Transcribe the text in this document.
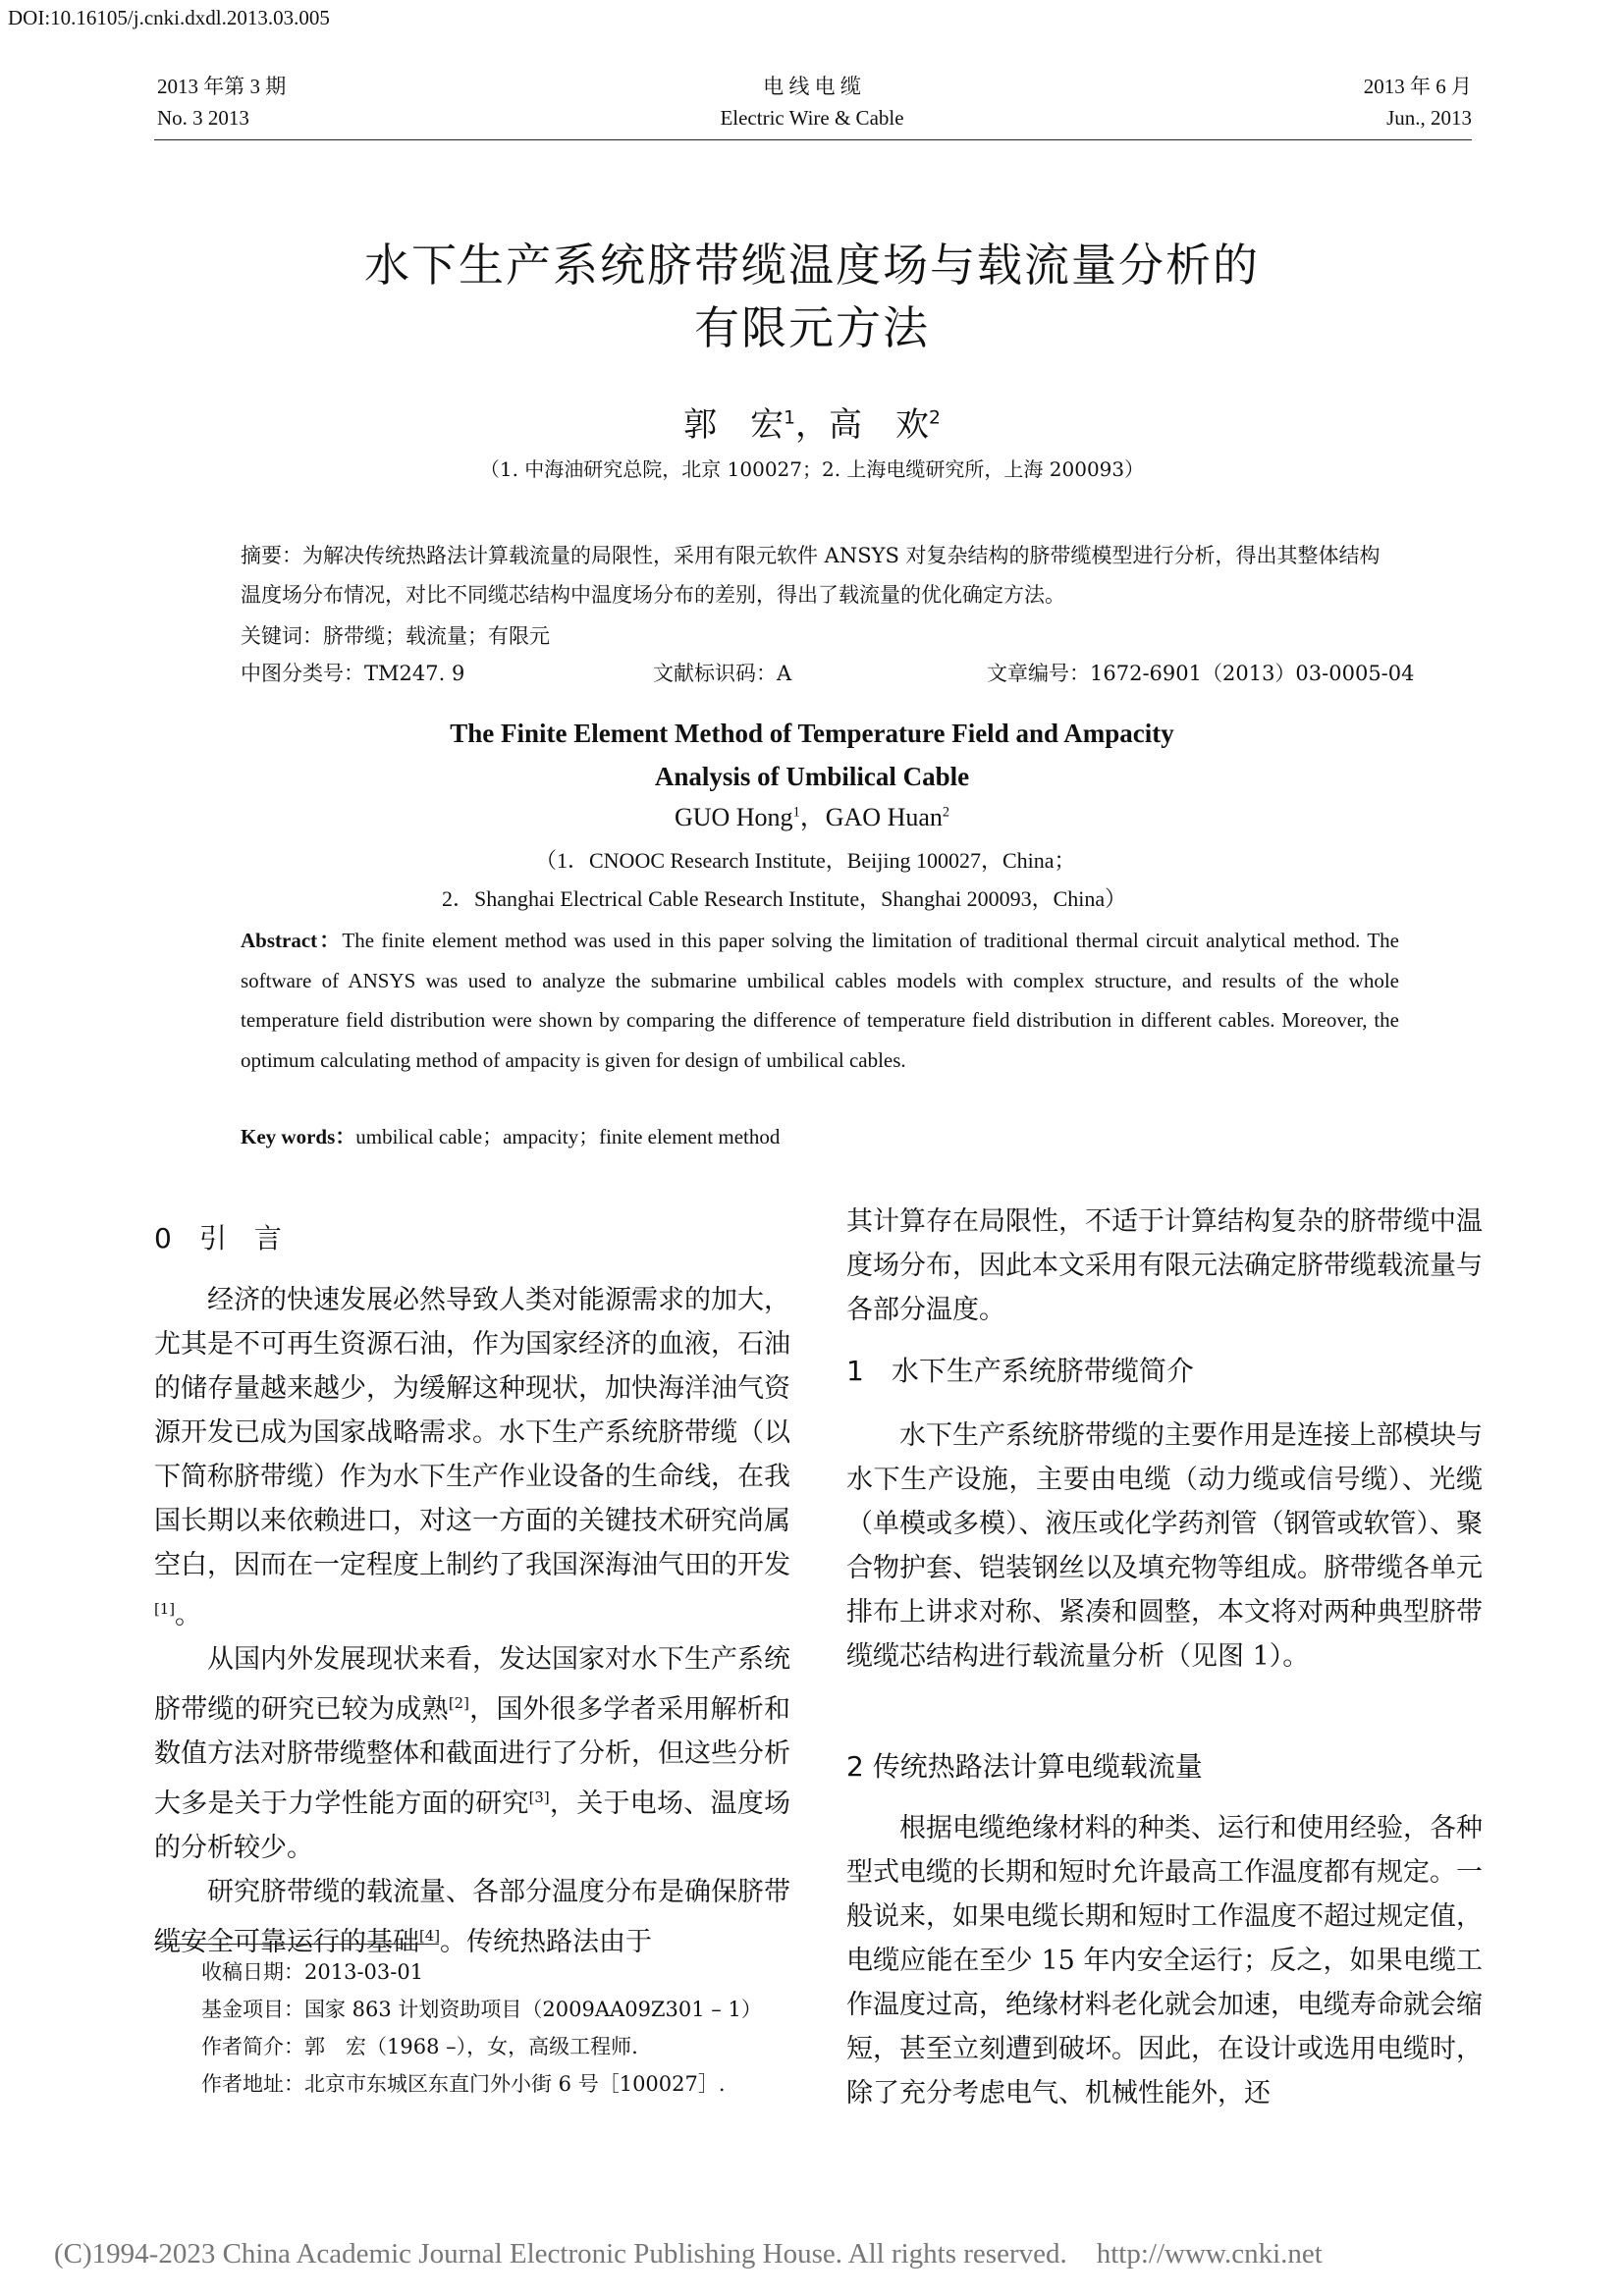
DOI:10.16105/j.cnki.dxdl.2013.03.005
2013 年第 3 期
No. 3 2013
电 线 电 缆
Electric Wire & Cable
2013 年 6 月
Jun., 2013
水下生产系统脐带缆温度场与载流量分析的
有限元方法
郭　宏$^1$，高　欢$^2$
（1. 中海油研究总院，北京 100027；2. 上海电缆研究所，上海 200093）
摘要：为解决传统热路法计算载流量的局限性，采用有限元软件 ANSYS 对复杂结构的脐带缆模型进行分析，得出其整体结构温度场分布情况，对比不同缆芯结构中温度场分布的差别，得出了载流量的优化确定方法。
关键词：脐带缆；载流量；有限元
中图分类号：TM247. 9	文献标识码：A	文章编号：1672-6901（2013）03-0005-04
The Finite Element Method of Temperature Field and Ampacity
Analysis of Umbilical Cable
GUO Hong$^1$，GAO Huan$^2$
（1．CNOOC Research Institute，Beijing 100027，China；
2．Shanghai Electrical Cable Research Institute，Shanghai 200093，China）
Abstract：The finite element method was used in this paper solving the limitation of traditional thermal circuit analytical method. The software of ANSYS was used to analyze the submarine umbilical cables models with complex structure, and results of the whole temperature field distribution were shown by comparing the difference of temperature field distribution in different cables. Moreover, the optimum calculating method of ampacity is given for design of umbilical cables.
Key words：umbilical cable；ampacity；finite element method
0　引　言

经济的快速发展必然导致人类对能源需求的加大，尤其是不可再生资源石油，作为国家经济的血液，石油的储存量越来越少，为缓解这种现状，加快海洋油气资源开发已成为国家战略需求。水下生产系统脐带缆（以下简称脐带缆）作为水下生产作业设备的生命线，在我国长期以来依赖进口，对这一方面的关键技术研究尚属空白，因而在一定程度上制约了我国深海油气田的开发[1]。

从国内外发展现状来看，发达国家对水下生产系统脐带缆的研究已较为成熟[2]，国外很多学者采用解析和数值方法对脐带缆整体和截面进行了分析，但这些分析大多是关于力学性能方面的研究[3]，关于电场、温度场的分析较少。

研究脐带缆的载流量、各部分温度分布是确保脐带缆安全可靠运行的基础[4]。传统热路法由于

其计算存在局限性，不适于计算结构复杂的脐带缆中温度场分布，因此本文采用有限元法确定脐带缆载流量与各部分温度。
1　水下生产系统脐带缆简介

水下生产系统脐带缆的主要作用是连接上部模块与水下生产设施，主要由电缆（动力缆或信号缆）、光缆（单模或多模）、液压或化学药剂管（钢管或软管）、聚合物护套、铠装钢丝以及填充物等组成。脐带缆各单元排布上讲求对称、紧凑和圆整，本文将对两种典型脐带缆缆芯结构进行载流量分析（见图 1）。

2 传统热路法计算电缆载流量

根据电缆绝缘材料的种类、运行和使用经验，各种型式电缆的长期和短时允许最高工作温度都有规定。一般说来，如果电缆长期和短时工作温度不超过规定值，电缆应能在至少 15 年内安全运行；反之，如果电缆工作温度过高，绝缘材料老化就会加速，电缆寿命就会缩短，甚至立刻遭到破坏。因此，在设计或选用电缆时，除了充分考虑电气、机械性能外，还

收稿日期：2013-03-01
基金项目：国家 863 计划资助项目（2009AA09Z301 – 1）
作者简介：郭　宏（1968 –），女，高级工程师.
作者地址：北京市东城区东直门外小街 6 号［100027］.
(C)1994-2023 China Academic Journal Electronic Publishing House. All rights reserved. http://www.cnki.net
